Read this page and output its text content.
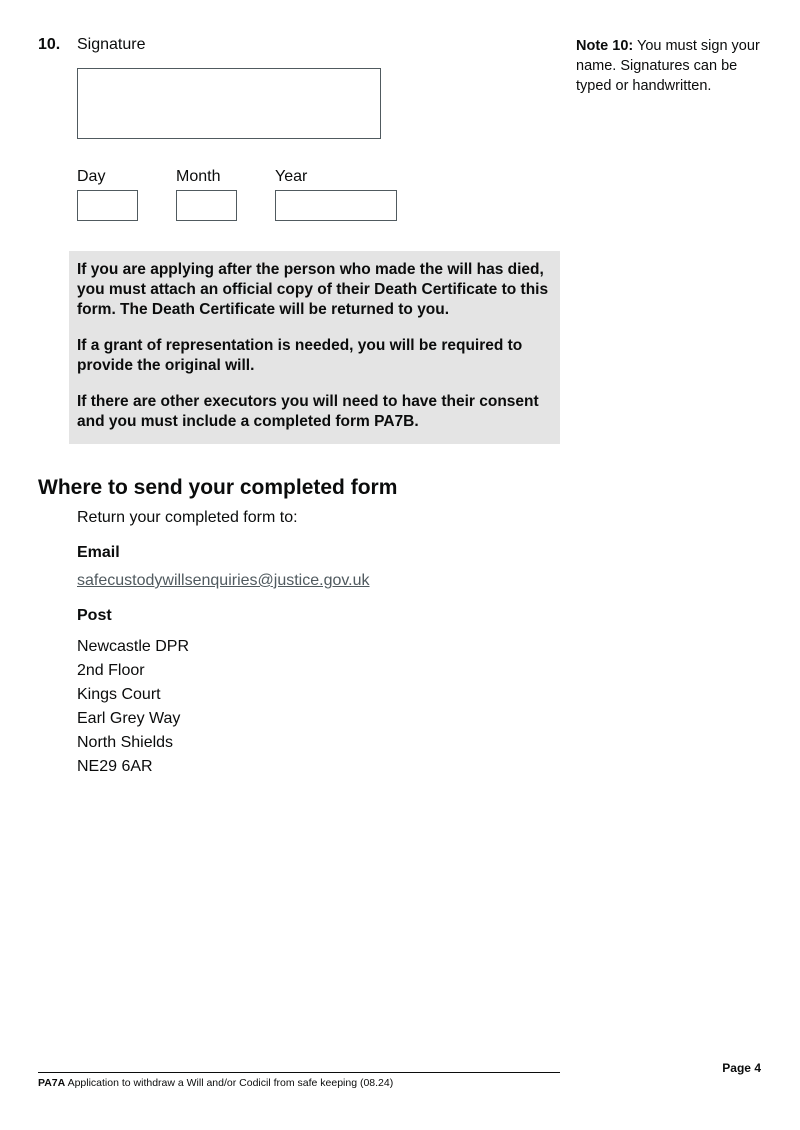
10. Signature	Note 10: You must sign your name. Signatures can be typed or handwritten.
Day	Month	Year

If you are applying after the person who made the will has died, you must attach an official copy of their Death Certificate to this form. The Death Certificate will be returned to you.

If a grant of representation is needed, you will be required to provide the original will.

If there are other executors you will need to have their consent and you must include a completed form PA7B.

Where to send your completed form
Return your completed form to:
Email
safecustodywillsenquiries@justice.gov.uk
Post
Newcastle DPR
2nd Floor
Kings Court
Earl Grey Way
North Shields
NE29 6AR
PA7A Application to withdraw a Will and/or Codicil from safe keeping (08.24)
Page 4
